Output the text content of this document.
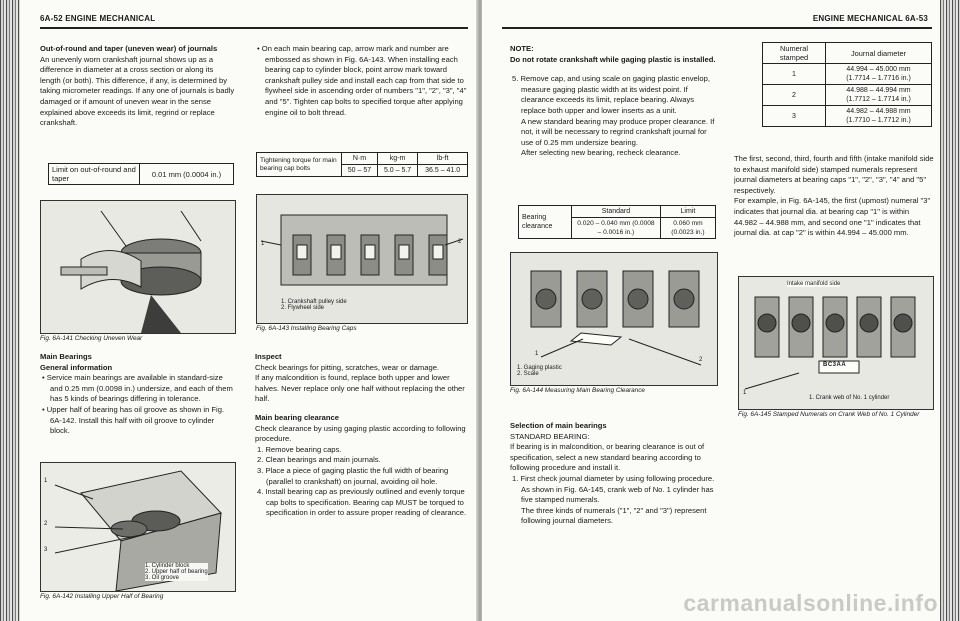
6A-52 ENGINE MECHANICAL

Out-of-round and taper (uneven wear) of journals

An unevenly worn crankshaft journal shows up as a difference in diameter at a cross section or along its length (or both). This difference, if any, is determined by taking micrometer readings. If any one of journals is badly damaged or if amount of uneven wear in the sense explained above exceeds its limit, regrind or replace crankshaft.

Limit on out-of-round and taper	0.01 mm (0.0004 in.)
Fig. 6A-141 Checking Uneven Wear

Main Bearings

General information

• Service main bearings are available in standard-size and 0.25 mm (0.0098 in.) undersize, and each of them has 5 kinds of bearings differing in tolerance.

• Upper half of bearing has oil groove as shown in Fig. 6A-142. Install this half with oil groove to cylinder block.

1
2
3
1. Cylinder block
2. Upper half of bearing
3. Oil groove
Fig. 6A-142 Installing Upper Half of Bearing

• On each main bearing cap, arrow mark and number are embossed as shown in Fig. 6A-143. When installing each bearing cap to cylinder block, point arrow mark toward crankshaft pulley side and install each cap from that side to flywheel side in ascending order of numbers "1", "2", "3", "4" and "5". Tighten cap bolts to specified torque after applying engine oil to bolt thread.

Tightening torque for main bearing cap bolts	N·m	kg-m	lb-ft
	50 – 57	5.0 – 5.7	36.5 – 41.0
1	2
1. Crankshaft pulley side
2. Flywheel side
Fig. 6A-143 Installing Bearing Caps

Inspect

Check bearings for pitting, scratches, wear or damage.

If any malcondition is found, replace both upper and lower halves. Never replace only one half without replacing the other half.

Main bearing clearance

Check clearance by using gaging plastic according to following procedure.

1. Remove bearing caps.

2. Clean bearings and main journals.

3. Place a piece of gaging plastic the full width of bearing (parallel to crankshaft) on journal, avoiding oil hole.

4. Install bearing cap as previously outlined and evenly torque cap bolts to specification. Bearing cap MUST be torqued to specification in order to assure proper reading of clearance.

ENGINE MECHANICAL 6A-53

NOTE:

Do not rotate crankshaft while gaging plastic is installed.

5. Remove cap, and using scale on gaging plastic envelop, measure gaging plastic width at its widest point. If clearance exceeds its limit, replace bearing. Always replace both upper and lower inserts as a unit.

A new standard bearing may produce proper clearance. If not, it will be necessary to regrind crankshaft journal for use of 0.25 mm undersize bearing.

After selecting new bearing, recheck clearance.

Bearing clearance	Standard	Limit
	0.020 – 0.040 mm (0.0008 – 0.0016 in.)	0.060 mm (0.0023 in.)
2
1
1. Gaging plastic
2. Scale
Fig. 6A-144 Measuring Main Bearing Clearance

Selection of main bearings

STANDARD BEARING:

If bearing is in malcondition, or bearing clearance is out of specification, select a new standard bearing according to following procedure and install it.

1. First check journal diameter by using following procedure.

As shown in Fig. 6A-145, crank web of No. 1 cylinder has five stamped numerals.

The three kinds of numerals ("1", "2" and "3") represent following journal diameters.

Numeral stamped	Journal diameter
1	44.994 – 45.000 mm
(1.7714 – 1.7716 in.)

2	44.988 – 44.994 mm
(1.7712 – 1.7714 in.)

3	44.982 – 44.988 mm
(1.7710 – 1.7712 in.)

The first, second, third, fourth and fifth (intake manifold side to exhaust manifold side) stamped numerals represent journal diameters at bearing caps "1", "2", "3", "4" and "5" respectively.

For example, in Fig. 6A-145, the first (upmost) numeral "3" indicates that journal dia. at bearing cap "1" is within 44.982 – 44.988 mm, and second one "1" indicates that journal dia. at cap "2" is within 44.994 – 45.000 mm.

Intake manifold side
BC3AA
1
1. Crank web of No. 1 cylinder
Fig. 6A-145 Stamped Numerals on Crank Web of No. 1 Cylinder
carmanualsonline.info
